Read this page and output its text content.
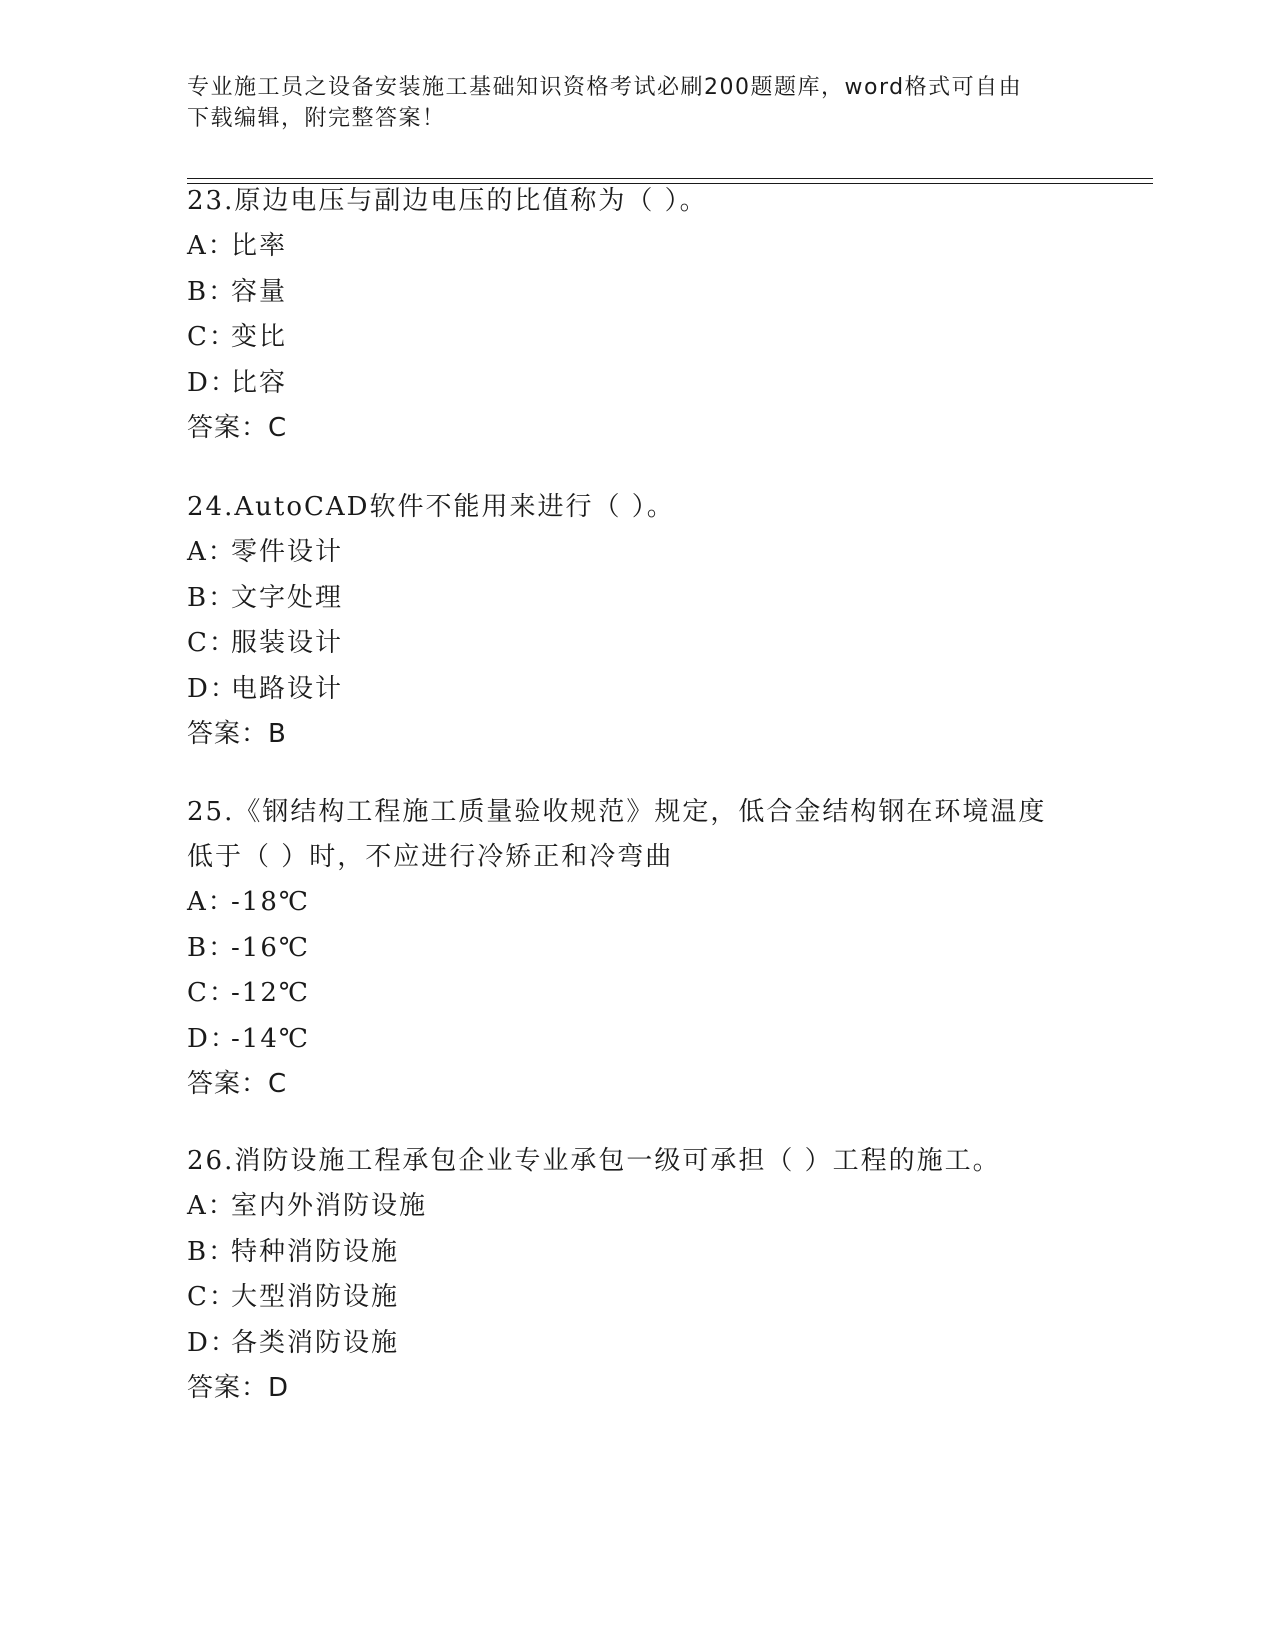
专业施工员之设备安装施工基础知识资格考试必刷200题题库，word格式可自由
下载编辑，附完整答案！
23.原边电压与副边电压的比值称为（ ）。
A：比率
B：容量
C：变比
D：比容
答案：C
24.AutoCAD软件不能用来进行（ ）。
A：零件设计
B：文字处理
C：服装设计
D：电路设计
答案：B
25.《钢结构工程施工质量验收规范》规定，低合金结构钢在环境温度
低于（ ）时，不应进行冷矫正和冷弯曲
A：-18℃
B：-16℃
C：-12℃
D：-14℃
答案：C
26.消防设施工程承包企业专业承包一级可承担（ ）工程的施工。
A：室内外消防设施
B：特种消防设施
C：大型消防设施
D：各类消防设施
答案：D
